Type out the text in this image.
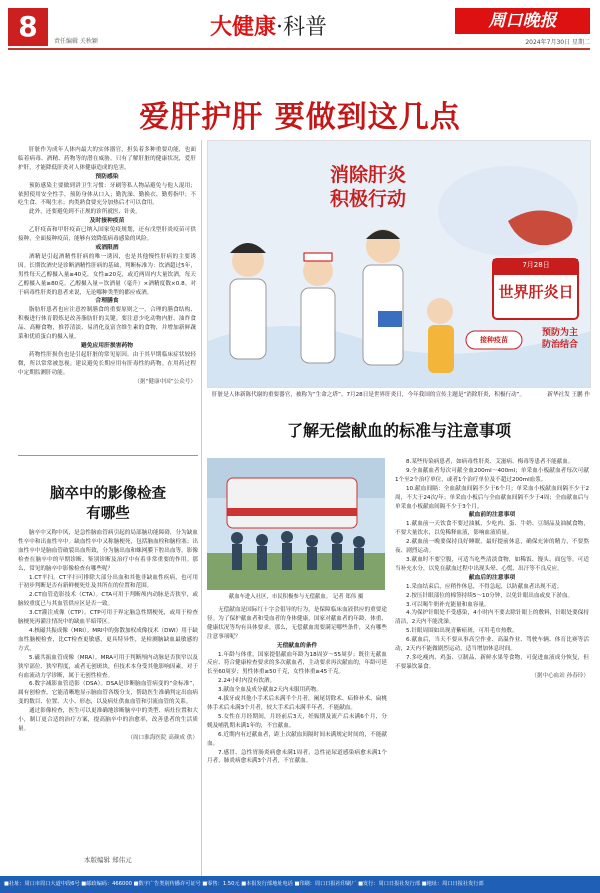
8	责任编辑 关秋颖
大健康·科普	周口晚报
2024年7月30日 星期二
爱肝护肝 要做到这几点

肝脏作为成年人体内最大的实体器官，担负着多种重要功能，也面临着病毒、酒精、药物等的潜在威胁。只有了解肝脏的健康状况，爱肝护肝，才能降低肝炎对人体健康造成的危害。

预防感染

预防感染主要做到讲卫生习惯：牙刷等私人物品避免与他人混用；依照使用安全性手，预防身体从口入；勤洗澡、勤换衣、勤剪指甲；不吃生食、不喝生水；肉类熟食要充分加热后才可以食用。

此外，还要避免到不正规的诊所就医、针灸。

及时接种疫苗

乙肝疫苗和甲肝疫苗已纳入国家免疫规划，还有戊型肝炎疫苗可供接种，全面接种疫苗，能够有效降低病毒感染的风险。

戒酒限酒

酒精是引起酒精性肝病的唯一诱因，也是其他慢性肝病的主要诱因。长期饮酒史是诊断酒精性肝病的基础，判断标准为：饮酒超过5年，男性每天乙醇摄入量≥40克，女性≥20克，或近两周内大量饮酒，每天乙醇摄入量≥80克。乙醇摄入量＝饮酒量（毫升）×酒精度数×0.8。对于病毒性肝炎的患者来说，无论哪种类型的都应戒酒。

合理膳食

脂肪肝患者也应注意控制膳食的重要原则之一，合理的膳食结构、积极进行体育锻炼是改善脂肪肝的关键。要注意少吃动物内脏、油炸食品、高糖食物，推荐清淡、易消化及富含维生素的食物，并增加新鲜蔬菜和优质蛋白的摄入量。

避免应用肝损害药物

药物性肝损伤也是引起肝脏的常见原因。由于其早期临床症状较轻微，所以常常被忽视。建议避免长期应用有肝毒性的药物。在用药过程中定期监测肝功能。

（据“健康中国”公众号）
消除肝炎
积极行动
7月28日
世界肝炎日
接种疫苗
预防为主 防治结合
肝脏是人体新陈代谢的重要器官，被称为“生命之塔”。7月28日是世界肝炎日，今年我国的宣传主题是“消除肝炎，积极行动”。	新华社发 王鹏 作
了解无偿献血的标准与注意事项
献血车进入社区，市民积极参与无偿献血。 记者 郑伟 摄

无偿献血是国际红十字会倡导的行为，是保障临床血液供应的重要途径。为了保护献血者和受血者的身体健康，国家对献血者的年龄、体重、健康状况等均有具体要求。那么，无偿献血需要满足哪些条件，又有哪些注意事项呢？

无偿献血的条件

1.年龄与体重。国家提倡献血年龄为18周岁～55周岁；既往无献血反应、符合健康检查要求的多次献血者，主动要求再次献血的，年龄可延长至60周岁；男性体重≥50千克，女性体重≥45千克。

2.24小时内没有饮酒。

3.献血全血及成分献血2天内未服用药物。

4.拔牙或其他小手术后未满半个月者，阑尾切除术、疝修补术、扁桃体手术后未满3个月者，较大手术后未满半年者，不能献血。

5.女性在月经期间，月经前后3天，妊娠期及流产后未满6个月，分娩及哺乳期未满1年的，不宜献血。

6.近期内有过献血者，距上次献血间隔时间未满规定时间的，不能献血。

7.感冒、急性胃肠炎病愈未满1周者，急性泌尿道感染病愈未满1个月者，肺炎病愈未满3个月者，不宜献血。

8.某些传染病患者，如病毒性肝炎、艾滋病、梅毒等患者不能献血。

9.全血献血者每次可献全血200ml～400ml；单采血小板献血者每次可献1个至2个治疗单位，或者1个治疗单位及不超过200ml血浆。

10.献血间隔：全血献血间隔不少于6个月；单采血小板献血间隔不少于2周，不大于24次/年；单采血小板后与全血献血间隔不少于4周；全血献血后与单采血小板献血间隔不少于3个月。

献血前的注意事项

1.献血前一天饮食不要过油腻，少吃肉、蛋、牛奶、豆制品及油腻食物，不要大量饮水，以免稀释血液，影响血液质量。

2.献血前一晚要保持良好睡眠，最好提前休息，确保充沛的精力，不要熬夜、剧烈运动。

3.献血时不要空腹，可适当吃些清淡食物，如稀饭、馒头、面包等。可适当补充水分，以免在献血过程中出现头晕、心慌、出汗等不良反应。

献血后的注意事项

1.采血结束后，应稍作休息，不得急起，以防献血者出现不适。

2.按压针眼部位的棉签持续5～10分钟，以免针眼出血或皮下淤血。

3.可以喝牛奶补充能量和血容量。

4.为保护针眼处不受感染，4小时内不要去除针眼上的敷料，针眼处要保持清洁，2天内不能洗澡。

5.针眼周围如出现青紫瘀斑，可用毛巾热敷。

6.献血后，当天不要从事高空作业、高温作业、驾驶车辆、体育比赛等活动，2天内不能做剧烈运动，适当增加休息时间。

7.多吃瘦肉、鸡蛋、豆制品、新鲜水果等食物，可促进血液成分恢复，但不要暴饮暴食。

（据中心血站 孙春玲）
脑卒中的影像检查
有哪些

脑卒中又称中风，是急性脑血管病引起的局部脑功能障碍，分为缺血性卒中和出血性卒中。缺血性卒中又称脑梗死，包括脑血栓和脑栓塞；出血性卒中是脑血管破裂出血所致，分为脑出血和蛛网膜下腔出血等。影像检查在脑卒中的早期诊断、鉴别诊断及治疗中有着非常重要的作用。那么，常见的脑卒中影像检查有哪些呢？

1.CT平扫。CT平扫可排除大部分出血和其他非缺血性疾病，也可用于初步判断是否有新鲜梗死灶及其所在的位置和范围。

2.CT血管造影技术（CTA）。CTA可用于判断颅内动脉是否狭窄，或脑较重度已与其血管供应区是否一致。

3.CT灌注成像（CTP）。CTP可用于界定脑急性期梗死，或用于检查脑梗死再灌注情况中的缺血半暗带区。

4.核磁共振成像（MRI）。MRI中的弥散加权成像技术（DWI）用于缺血性脑梗检查，比CT检查更敏感，更具特异性，是检测脑缺血最敏感的方式。

5.磁共振血管成像（MRA）。MRA可用于判断颅内动脉是否狭窄以及狭窄部位、狭窄程度，或者无创斑块，但技术本身受其他影响因素，对于有血流动力学诊断，属于无创性检查。

6.数字减影血管造影（DSA）。DSA是诊断脑血管病变的“金标准”，属有创检查，它能清晰地显示脑血管各级分支，帮助医生准确判定出血病变的数目、位置、大小、形态，以及病灶供血血管和引流血管的关系。

通过影像检查，医生可以更准确地诊断脑卒中的类型、病灶位置和大小，制订更合适的治疗方案，提高脑卒中的治愈率，改善患者的生活质量。

（周口淮海医院 高颜成 供）
本版编辑 郑伟元
■社址：周口市周口大道中段6号 ■邮政编码：466000 ■数字广告类别传播许可证号 ■零售：1.50元 ■本报发行部地址电话 ■印刷：周口日报社印刷厂 ■发行：周口日报社发行部 ■地址：周口日报社发行部
